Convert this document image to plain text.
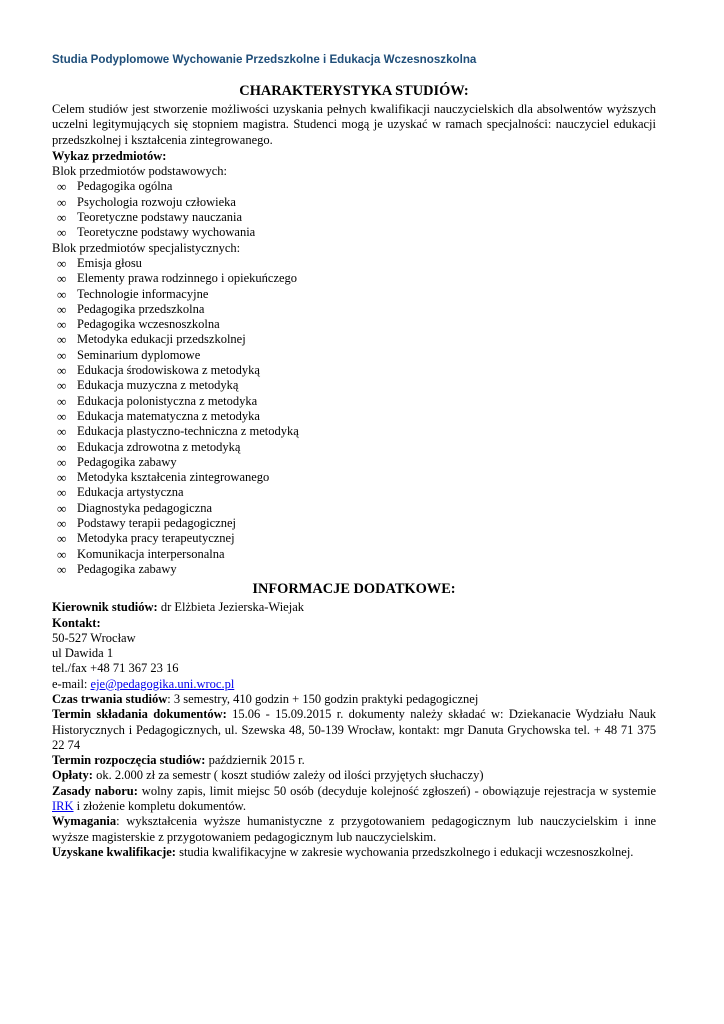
Studia Podyplomowe Wychowanie Przedszkolne i Edukacja Wczesnoszkolna
CHARAKTERYSTYKA STUDIÓW:

Celem studiów jest stworzenie możliwości uzyskania pełnych kwalifikacji nauczycielskich dla absolwentów wyższych uczelni legitymujących się stopniem magistra. Studenci mogą je uzyskać w ramach specjalności: nauczyciel edukacji przedszkolnej i kształcenia zintegrowanego.

Wykaz przedmiotów:

Blok przedmiotów podstawowych:

∞ Pedagogika ogólna
∞ Psychologia rozwoju człowieka
∞ Teoretyczne podstawy nauczania
∞ Teoretyczne podstawy wychowania

Blok przedmiotów specjalistycznych:

∞ Emisja głosu
∞ Elementy prawa rodzinnego i opiekuńczego
∞ Technologie informacyjne
∞ Pedagogika przedszkolna
∞ Pedagogika wczesnoszkolna
∞ Metodyka edukacji przedszkolnej
∞ Seminarium dyplomowe
∞ Edukacja środowiskowa z metodyką
∞ Edukacja muzyczna z metodyką
∞ Edukacja polonistyczna z metodyka
∞ Edukacja matematyczna z metodyka
∞ Edukacja plastyczno-techniczna z metodyką
∞ Edukacja zdrowotna z metodyką
∞ Pedagogika zabawy
∞ Metodyka kształcenia zintegrowanego
∞ Edukacja artystyczna
∞ Diagnostyka pedagogiczna
∞ Podstawy terapii pedagogicznej
∞ Metodyka pracy terapeutycznej
∞ Komunikacja interpersonalna
∞ Pedagogika zabawy
INFORMACJE DODATKOWE:

Kierownik studiów: dr Elżbieta Jezierska-Wiejak

Kontakt:

50-527 Wrocław

ul Dawida 1

tel./fax +48 71 367 23 16

e-mail: eje@pedagogika.uni.wroc.pl

Czas trwania studiów: 3 semestry, 410 godzin + 150 godzin praktyki pedagogicznej

Termin składania dokumentów: 15.06 - 15.09.2015 r. dokumenty należy składać w: Dziekanacie Wydziału Nauk Historycznych i Pedagogicznych, ul. Szewska 48, 50-139 Wrocław, kontakt: mgr Danuta Grychowska tel. + 48 71 375 22 74

Termin rozpoczęcia studiów: październik 2015 r.

Opłaty: ok. 2.000 zł za semestr ( koszt studiów zależy od ilości przyjętych słuchaczy)

Zasady naboru: wolny zapis, limit miejsc 50 osób (decyduje kolejność zgłoszeń) - obowiązuje rejestracja w systemie IRK i złożenie kompletu dokumentów.

Wymagania: wykształcenia wyższe humanistyczne z przygotowaniem pedagogicznym lub nauczycielskim i inne wyższe magisterskie z przygotowaniem pedagogicznym lub nauczycielskim.

Uzyskane kwalifikacje: studia kwalifikacyjne w zakresie wychowania przedszkolnego i edukacji wczesnoszkolnej.
